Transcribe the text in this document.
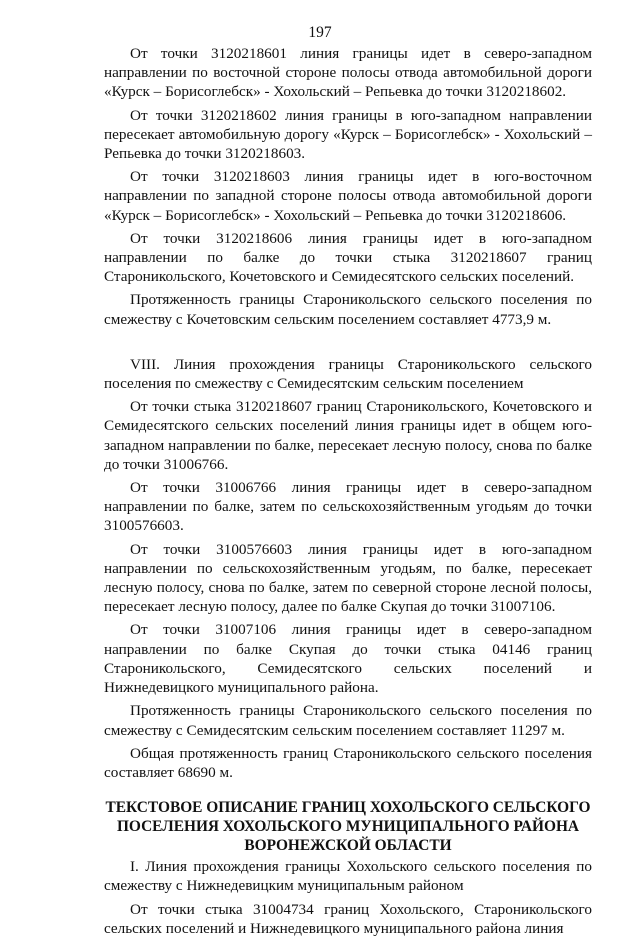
197

От точки 3120218601 линия границы идет в северо-западном направлении по восточной стороне полосы отвода автомобильной дороги «Курск – Борисоглебск» - Хохольский – Репьевка до точки 3120218602.

От точки 3120218602 линия границы в юго-западном направлении пересекает автомобильную дорогу «Курск – Борисоглебск» - Хохольский – Репьевка до точки 3120218603.

От точки 3120218603 линия границы идет в юго-восточном направлении по западной стороне полосы отвода автомобильной дороги «Курск – Борисоглебск» - Хохольский – Репьевка до точки 3120218606.

От точки 3120218606 линия границы идет в юго-западном направлении по балке до точки стыка 3120218607 границ Староникольского, Кочетовского и Семидесятского сельских поселений.

Протяженность границы Староникольского сельского поселения по смежеству с Кочетовским сельским поселением составляет 4773,9 м.

VIII. Линия прохождения границы Староникольского сельского поселения по смежеству с Семидесятским сельским поселением

От точки стыка 3120218607 границ Староникольского, Кочетовского и Семидесятского сельских поселений линия границы идет в общем юго-западном направлении по балке, пересекает лесную полосу, снова по балке до точки 31006766.

От точки 31006766 линия границы идет в северо-западном направлении по балке, затем по сельскохозяйственным угодьям до точки 3100576603.

От точки 3100576603 линия границы идет в юго-западном направлении по сельскохозяйственным угодьям, по балке, пересекает лесную полосу, снова по балке, затем по северной стороне лесной полосы, пересекает лесную полосу, далее по балке Скупая до точки 31007106.

От точки 31007106 линия границы идет в северо-западном направлении по балке Скупая до точки стыка 04146 границ Староникольского, Семидесятского сельских поселений и Нижнедевицкого муниципального района.

Протяженность границы Староникольского сельского поселения по смежеству с Семидесятским сельским поселением составляет 11297 м.

Общая протяженность границ Староникольского сельского поселения составляет 68690 м.

ТЕКСТОВОЕ ОПИСАНИЕ ГРАНИЦ ХОХОЛЬСКОГО СЕЛЬСКОГО
ПОСЕЛЕНИЯ ХОХОЛЬСКОГО МУНИЦИПАЛЬНОГО РАЙОНА
ВОРОНЕЖСКОЙ ОБЛАСТИ

I. Линия прохождения границы Хохольского сельского поселения по смежеству с Нижнедевицким муниципальным районом

От точки стыка 31004734 границ Хохольского, Староникольского сельских поселений и Нижнедевицкого муниципального района линия
